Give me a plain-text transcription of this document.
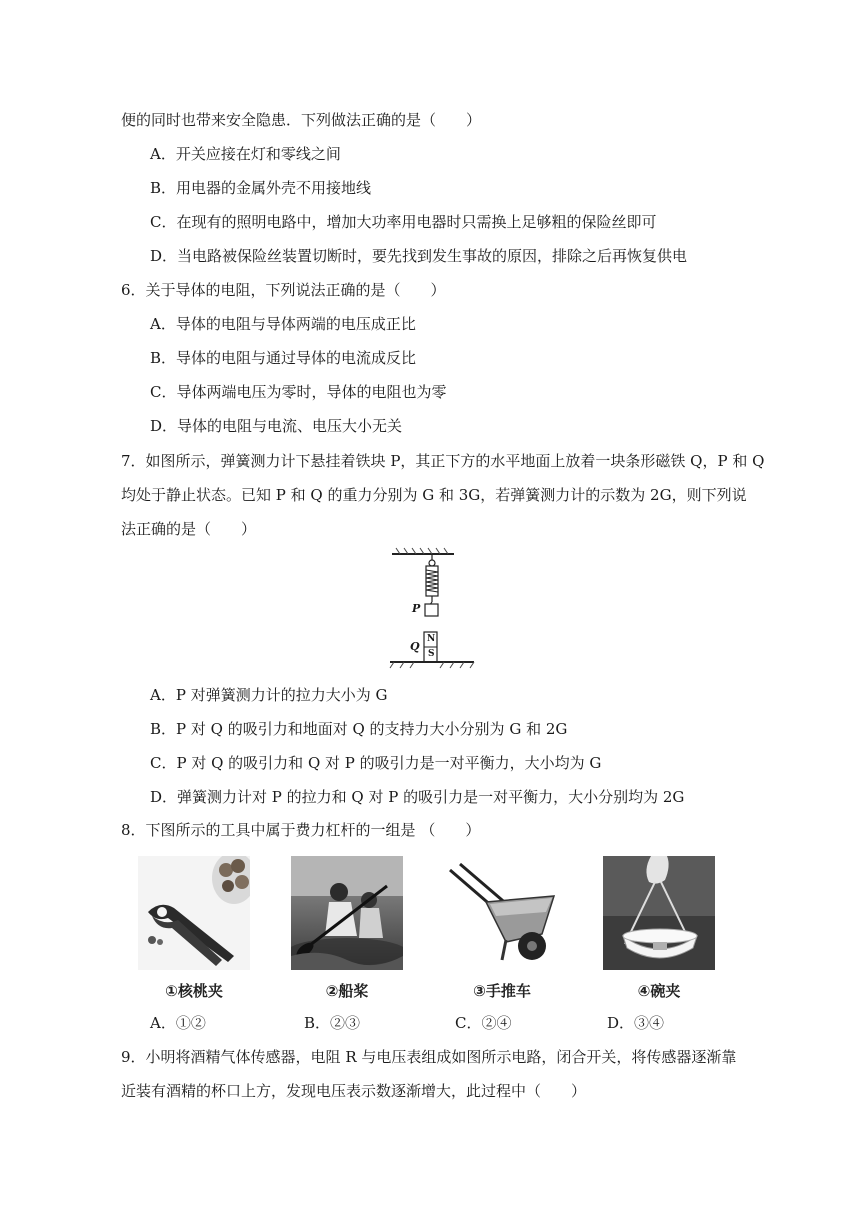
便的同时也带来安全隐患．下列做法正确的是（　　）
A．开关应接在灯和零线之间
B．用电器的金属外壳不用接地线
C．在现有的照明电路中，增加大功率用电器时只需换上足够粗的保险丝即可
D．当电路被保险丝装置切断时，要先找到发生事故的原因，排除之后再恢复供电
6．关于导体的电阻，下列说法正确的是（　　）
A．导体的电阻与导体两端的电压成正比
B．导体的电阻与通过导体的电流成反比
C．导体两端电压为零时，导体的电阻也为零
D．导体的电阻与电流、电压大小无关
7．如图所示，弹簧测力计下悬挂着铁块 P，其正下方的水平地面上放着一块条形磁铁 Q，P 和 Q
均处于静止状态。已知 P 和 Q 的重力分别为 G 和 3G，若弹簧测力计的示数为 2G，则下列说
法正确的是（　　）
P
Q
N
S
A．P 对弹簧测力计的拉力大小为 G
B．P 对 Q 的吸引力和地面对 Q 的支持力大小分别为 G 和 2G
C．P 对 Q 的吸引力和 Q 对 P 的吸引力是一对平衡力，大小均为 G
D．弹簧测力计对 P 的拉力和 Q 对 P 的吸引力是一对平衡力，大小分别均为 2G
8．下图所示的工具中属于费力杠杆的一组是 （　　）
①核桃夹	②船桨	③手推车	④碗夹
A．①②	B．②③	C．②④	D．③④
9．小明将酒精气体传感器，电阻 R 与电压表组成如图所示电路，闭合开关，将传感器逐渐靠
近装有酒精的杯口上方，发现电压表示数逐渐增大，此过程中（　　）
